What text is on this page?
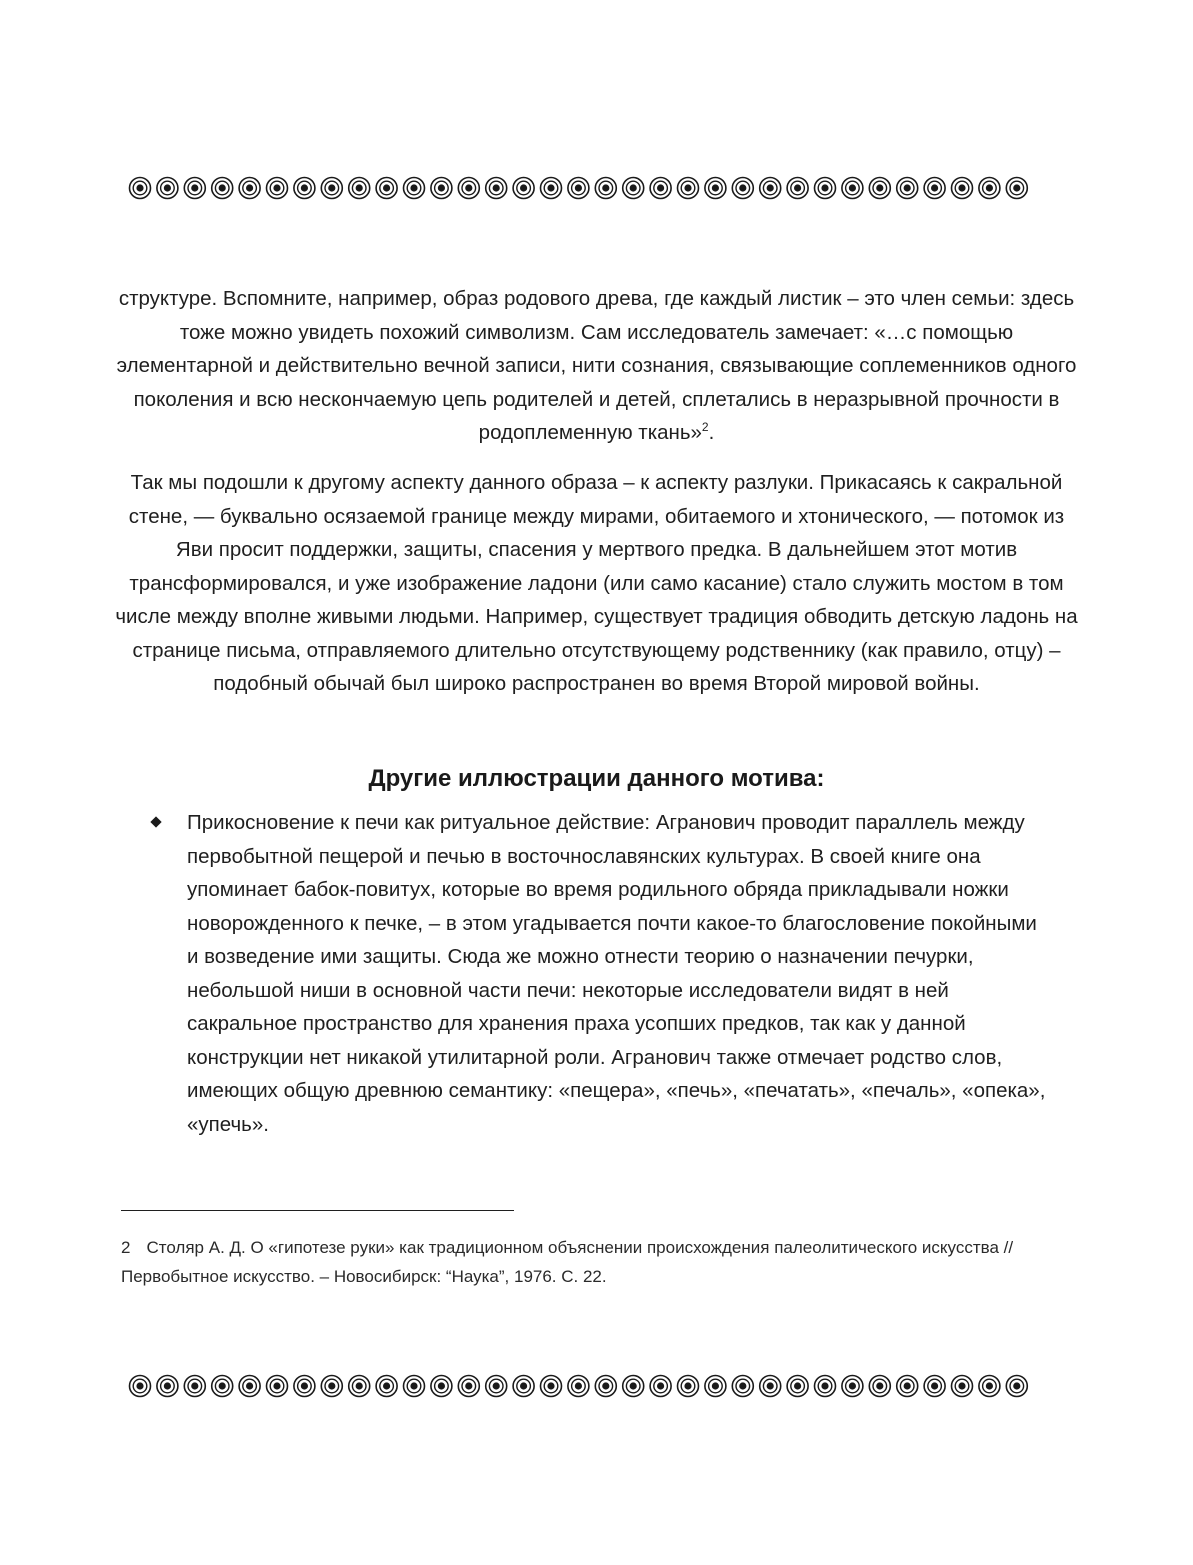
структуре. Вспомните, например, образ родового древа, где каждый листик – это член семьи: здесь тоже можно увидеть похожий символизм. Сам исследователь замечает: «…с помощью элементарной и действительно вечной записи, нити сознания, связывающие соплеменников одного поколения и всю нескончаемую цепь родителей и детей, сплетались в неразрывной прочности в родоплеменную ткань»$^2$.

Так мы подошли к другому аспекту данного образа – к аспекту разлуки. Прикасаясь к сакральной стене, — буквально осязаемой границе между мирами, обитаемого и хтонического, — потомок из Яви просит поддержки, защиты, спасения у мертвого предка. В дальнейшем этот мотив трансформировался, и уже изображение ладони (или само касание) стало служить мостом в том числе между вполне живыми людьми. Например, существует традиция обводить детскую ладонь на странице письма, отправляемого длительно отсутствующему родственнику (как правило, отцу) – подобный обычай был широко распространен во время Второй мировой войны.

Другие иллюстрации данного мотива:
Прикосновение к печи как ритуальное действие: Агранович проводит параллель между первобытной пещерой и печью в восточнославянских культурах. В своей книге она упоминает бабок-повитух, которые во время родильного обряда прикладывали ножки новорожденного к печке, – в этом угадывается почти какое-то благословение покойными и возведение ими защиты. Сюда же можно отнести теорию о назначении печурки, небольшой ниши в основной части печи: некоторые исследователи видят в ней сакральное пространство для хранения праха усопших предков, так как у данной конструкции нет никакой утилитарной роли. Агранович также отмечает родство слов, имеющих общую древнюю семантику: «пещера», «печь», «печатать», «печаль», «опека», «упечь».

2 Столяр А. Д. О «гипотезе руки» как традиционном объяснении происхождения палеолитического искусства // Первобытное искусство. – Новосибирск: “Наука”, 1976. С. 22.
